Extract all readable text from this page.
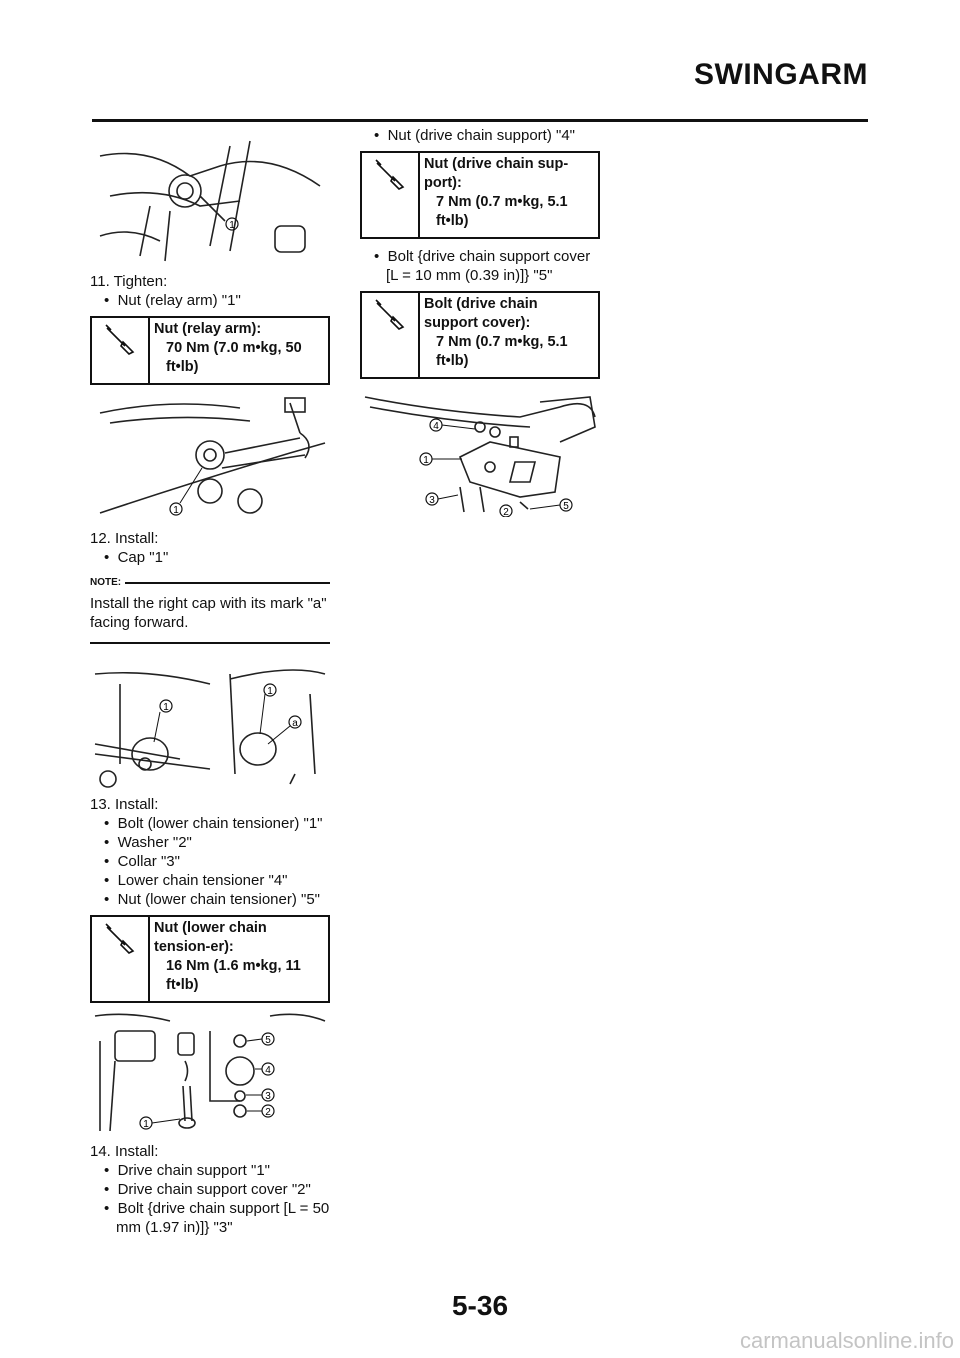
SWINGARM
1
11. Tighten:
•  Nut (relay arm) "1"
Nut (relay arm):
70 Nm (7.0 m•kg, 50 ft•lb)
1
12. Install:
•  Cap "1"
NOTE:
Install the right cap with its mark "a" facing forward.
1
1
a
13. Install:
•  Bolt (lower chain tensioner) "1"
•  Washer "2"
•  Collar "3"
•  Lower chain tensioner "4"
•  Nut (lower chain tensioner) "5"
Nut (lower chain tension-er):
16 Nm (1.6 m•kg, 11 ft•lb)
5
4
3
2
1
14. Install:
•  Drive chain support "1"
•  Drive chain support cover "2"
•  Bolt {drive chain support [L = 50 mm (1.97 in)]} "3"
•  Nut (drive chain support) "4"
Nut (drive chain sup-port):
7 Nm (0.7 m•kg, 5.1 ft•lb)
•  Bolt {drive chain support cover [L = 10 mm (0.39 in)]} "5"
Bolt (drive chain support cover):
7 Nm (0.7 m•kg, 5.1 ft•lb)
4
1
3
2
5
5-36
carmanualsonline.info
